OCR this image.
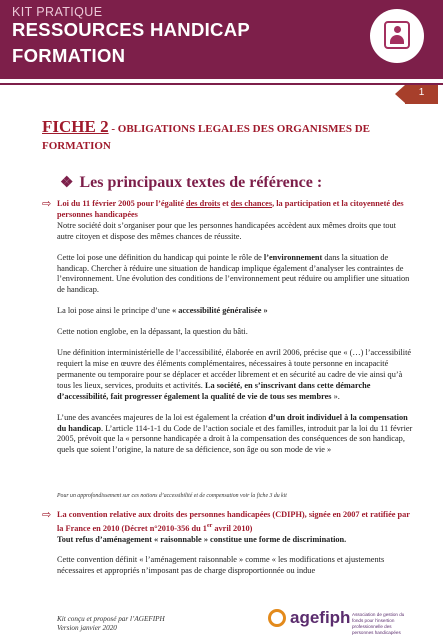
KIT PRATIQUE
RESSOURCES HANDICAP
FORMATION
1
FICHE 2 - OBLIGATIONS LEGALES DES ORGANISMES DE FORMATION
❖ Les principaux textes de référence :
⇨ Loi du 11 février 2005 pour l’égalité des droits et des chances, la participation et la citoyenneté des personnes handicapées
Notre société doit s’organiser pour que les personnes handicapées accèdent aux mêmes droits que tout autre citoyen et dispose des mêmes chances de réussite.
Cette loi pose une définition du handicap qui pointe le rôle de l’environnement dans la situation de handicap. Chercher à réduire une situation de handicap implique également d’analyser les contraintes de l’environnement. Une évolution des conditions de l’environnement peut réduire ou amplifier une situation de handicap.
La loi pose ainsi le principe d’une « accessibilité généralisée »
Cette notion englobe, en la dépassant, la question du bâti.
Une définition interministérielle de l’accessibilité, élaborée en avril 2006, précise que « (…) l’accessibilité requiert la mise en œuvre des éléments complémentaires, nécessaires à toute personne en incapacité permanente ou temporaire pour se déplacer et accéder librement et en sécurité au cadre de vie ainsi qu’à tous les lieux, services, produits et activités. La société, en s’inscrivant dans cette démarche d’accessibilité, fait progresser également la qualité de vie de tous ses membres ».
L’une des avancées majeures de la loi est également la création d’un droit individuel à la compensation du handicap. L’article 114-1-1 du Code de l’action sociale et des familles, introduit par la loi du 11 février 2005, prévoit que la « personne handicapée a droit à la compensation des conséquences de son handicap, quels que soient l’origine, la nature de sa déficience, son âge ou son mode de vie »
Pour un approfondissement sur ces notions d’accessibilité et de compensation voir la fiche 3 du kit
⇨ La convention relative aux droits des personnes handicapées (CDIPH), signée en 2007 et ratifiée par la France en 2010 (Décret n°2010-356 du 1er avril 2010)
Tout refus d’aménagement « raisonnable » constitue une forme de discrimination.
Cette convention définit « l’aménagement raisonnable » comme « les modifications et ajustements nécessaires et appropriés n’imposant pas de charge disproportionnée ou indue
Kit conçu et proposé par l’AGEFIPH
Version janvier 2020
agefiph Association de gestion du fonds pour l’insertion professionnelle des personnes handicapées
